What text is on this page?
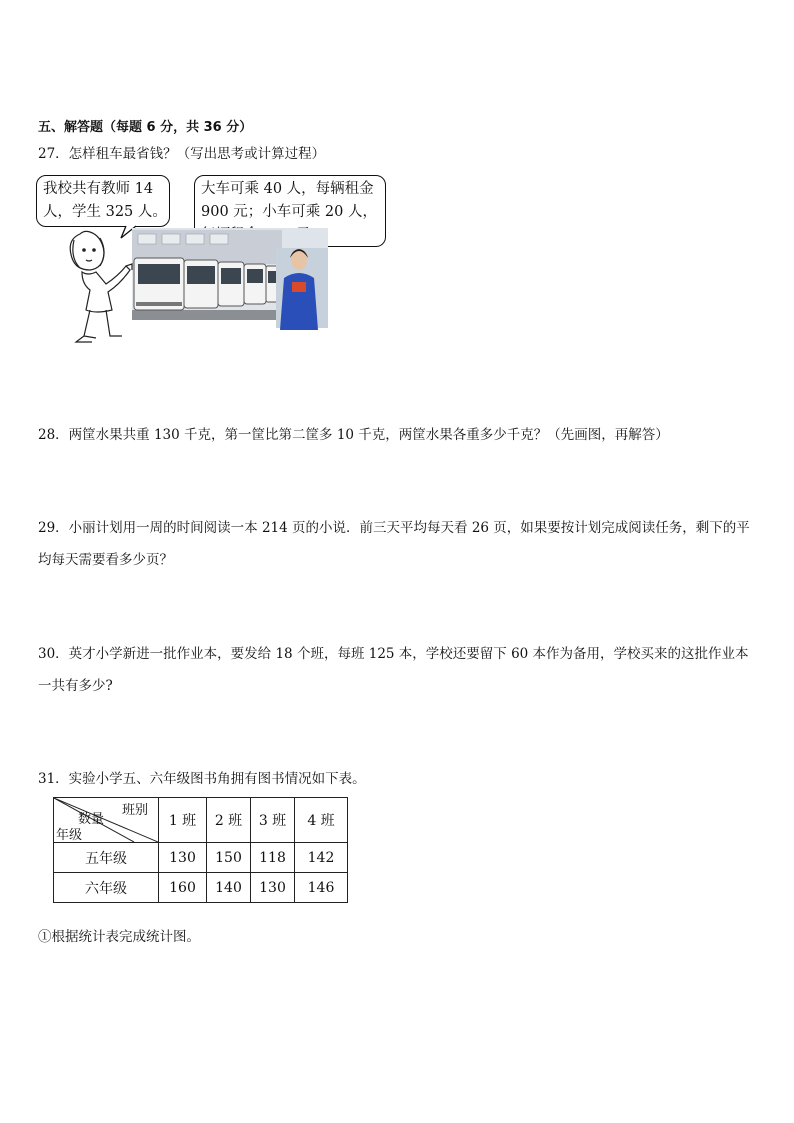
五、解答题（每题 6 分，共 36 分）
27．怎样租车最省钱？（写出思考或计算过程）
我校共有教师 14
人，学生 325 人。
大车可乘 40 人，每辆租金
900 元；小车可乘 20 人，
28．两筐水果共重 130 千克，第一筐比第二筐多 10 千克，两筐水果各重多少千克？（先画图，再解答）
29．小丽计划用一周的时间阅读一本 214 页的小说．前三天平均每天看 26 页，如果要按计划完成阅读任务，剩下的平
均每天需要看多少页？
30．英才小学新进一批作业本，要发给 18 个班，每班 125 本，学校还要留下 60 本作为备用，学校买来的这批作业本
一共有多少?
31．实验小学五、六年级图书角拥有图书情况如下表。
班别
数量
年级	1 班	2 班	3 班	4 班
五年级	130	150	118	142
六年级	160	140	130	146
①根据统计表完成统计图。
